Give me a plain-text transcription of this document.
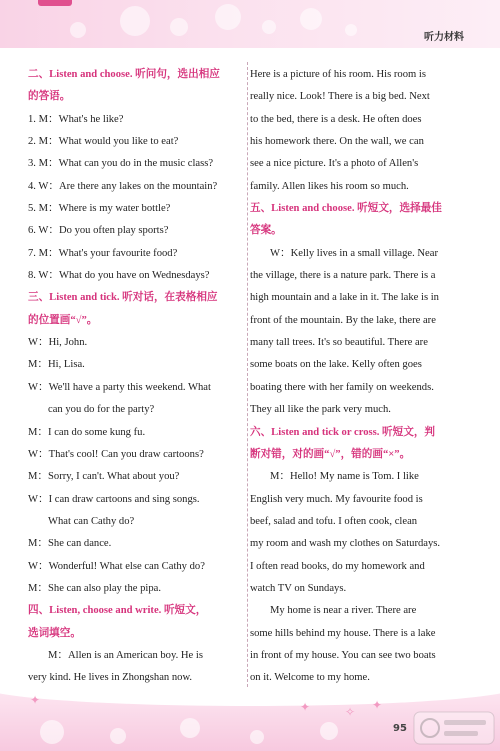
听力材料
二、Listen and choose. 听问句，选出相应
的答语。
1. M：What's he like?
2. M：What would you like to eat?
3. M：What can you do in the music class?
4. W：Are there any lakes on the mountain?
5. M：Where is my water bottle?
6. W：Do you often play sports?
7. M：What's your favourite food?
8. W：What do you have on Wednesdays?
三、Listen and tick. 听对话，在表格相应
的位置画“√”。
W：Hi, John.
M：Hi, Lisa.
W：We'll have a party this weekend. What
can you do for the party?
M：I can do some kung fu.
W：That's cool! Can you draw cartoons?
M：Sorry, I can't. What about you?
W：I can draw cartoons and sing songs.
What can Cathy do?
M：She can dance.
W：Wonderful! What else can Cathy do?
M：She can also play the pipa.
四、Listen, choose and write. 听短文，
选词填空。
M：Allen is an American boy. He is
very kind. He lives in Zhongshan now.
Here is a picture of his room. His room is
really nice. Look! There is a big bed. Next
to the bed, there is a desk. He often does
his homework there. On the wall, we can
see a nice picture. It's a photo of Allen's
family. Allen likes his room so much.
五、Listen and choose. 听短文，选择最佳
答案。
W：Kelly lives in a small village. Near
the village, there is a nature park. There is a
high mountain and a lake in it. The lake is in
front of the mountain. By the lake, there are
many tall trees. It's so beautiful. There are
some boats on the lake. Kelly often goes
boating there with her family on weekends.
They all like the park very much.
六、Listen and tick or cross. 听短文，判
断对错，对的画“√”，错的画“×”。
M：Hello! My name is Tom. I like
English very much. My favourite food is
beef, salad and tofu. I often cook, clean
my room and wash my clothes on Saturdays.
I often read books, do my homework and
watch TV on Sundays.
My home is near a river. There are
some hills behind my house. There is a lake
in front of my house. You can see two boats
on it. Welcome to my home.
✦	✦	✧ ✦
95
